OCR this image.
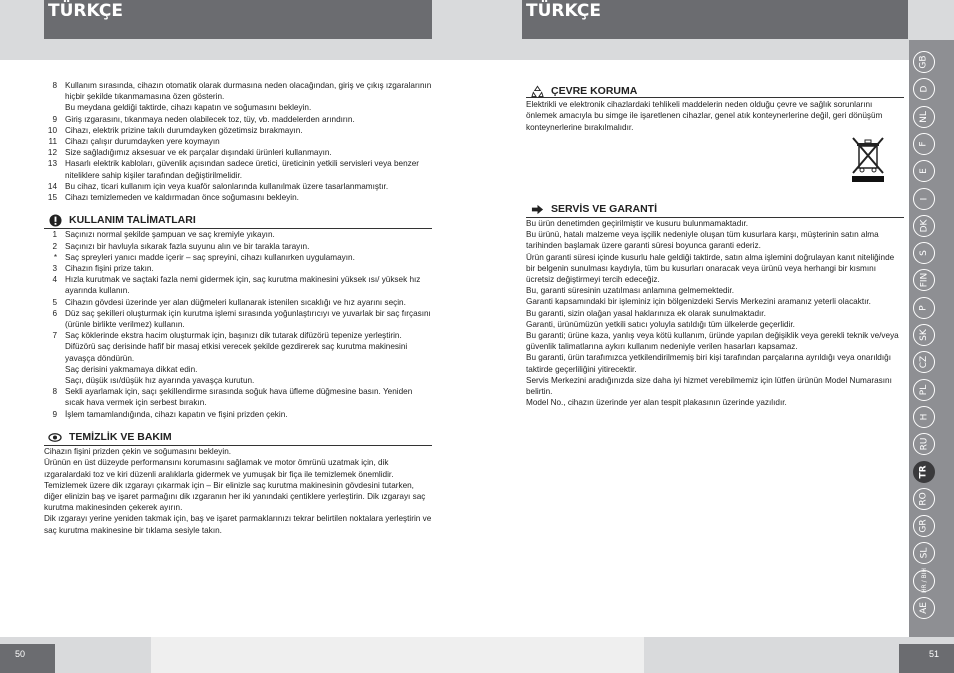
TÜRKÇE	TÜRKÇE
8 Kullanım sırasında, cihazın otomatik olarak durmasına neden olacağından, giriş ve çıkış ızgaralarının hiçbir şekilde tıkanmamasına özen gösterin.
Bu meydana geldiği taktirde, cihazı kapatın ve soğumasını bekleyin.
9 Giriş ızgarasını, tıkanmaya neden olabilecek toz, tüy, vb. maddelerden arındırın.
10 Cihazı, elektrik prizine takılı durumdayken gözetimsiz bırakmayın.
11 Cihazı çalışır durumdayken yere koymayın
12 Size sağladığımız aksesuar ve ek parçalar dışındaki ürünleri kullanmayın.
13 Hasarlı elektrik kabloları, güvenlik açısından sadece üretici, üreticinin yetkili servisleri veya benzer niteliklere sahip kişiler tarafından değiştirilmelidir.
14 Bu cihaz, ticari kullanım için veya kuaför salonlarında kullanılmak üzere tasarlanmamıştır.
15 Cihazı temizlemeden ve kaldırmadan önce soğumasını bekleyin.
KULLANIM TALİMATLARI
1 Saçınızı normal şekilde şampuan ve saç kremiyle yıkayın.
2 Saçınızı bir havluyla sıkarak fazla suyunu alın ve bir tarakla tarayın.
* Saç spreyleri yanıcı madde içerir – saç spreyini, cihazı kullanırken uygulamayın.
3 Cihazın fişini prize takın.
4 Hızla kurutmak ve saçtaki fazla nemi gidermek için, saç kurutma makinesini yüksek ısı/ yüksek hız ayarında kullanın.
5 Cihazın gövdesi üzerinde yer alan düğmeleri kullanarak istenilen sıcaklığı ve hız ayarını seçin.
6 Düz saç şekilleri oluşturmak için kurutma işlemi sırasında yoğunlaştırıcıyı ve yuvarlak bir saç fırçasını (ürünle birlikte verilmez) kullanın.
7 Saç köklerinde ekstra hacim oluşturmak için, başınızı dik tutarak difüzörü tepenize yerleştirin.
Difüzörü saç derisinde hafif bir masaj etkisi verecek şekilde gezdirerek saç kurutma makinesini yavaşça döndürün.
Saç derisini yakmamaya dikkat edin.
Saçı, düşük ısı/düşük hız ayarında yavaşça kurutun.
8 Sekli ayarlamak için, saçı şekillendirme sırasında soğuk hava üfleme düğmesine basın. Yeniden sıcak hava vermek için serbest bırakın.
9 İşlem tamamlandığında, cihazı kapatın ve fişini prizden çekin.
TEMİZLİK VE BAKIM

Cihazın fişini prizden çekin ve soğumasını bekleyin.

Ürünün en üst düzeyde performansını korumasını sağlamak ve motor ömrünü uzatmak için, dik ızgaralardaki toz ve kiri düzenli aralıklarla gidermek ve yumuşak bir fiça ile temizlemek önemlidir.

Temizlemek üzere dik ızgarayı çıkarmak için – Bir elinizle saç kurutma makinesinin gövdesini tutarken, diğer elinizin baş ve işaret parmağını dik ızgaranın her iki yanındaki çentiklere yerleştirin. Dik ızgarayı saç kurutma makinesinden çekerek ayırın.

Dik ızgarayı yerine yeniden takmak için, baş ve işaret parmaklarınızı tekrar belirtilen noktalara yerleştirin ve saç kurutma makinesine bir tıklama sesiyle takın.

ÇEVRE KORUMA

Elektrikli ve elektronik cihazlardaki tehlikeli maddelerin neden olduğu çevre ve sağlık sorunlarını önlemek amacıyla bu simge ile işaretlenen cihazlar, genel atık konteynerlerine değil, geri dönüşüm konteynerlerine bırakılmalıdır.

SERVİS VE GARANTİ

Bu ürün denetimden geçirilmiştir ve kusuru bulunmamaktadır.

Bu ürünü, hatalı malzeme veya işçilik nedeniyle oluşan tüm kusurlara karşı, müşterinin satın alma tarihinden başlamak üzere garanti süresi boyunca garanti ederiz.

Ürün garanti süresi içinde kusurlu hale geldiği taktirde, satın alma işlemini doğrulayan kanıt niteliğinde bir belgenin sunulması kaydıyla, tüm bu kusurları onaracak veya ürünü veya herhangi bir kısmını ücretsiz değiştirmeyi tercih edeceğiz.

Bu, garanti süresinin uzatılması anlamına gelmemektedir.

Garanti kapsamındaki bir işleminiz için bölgenizdeki Servis Merkezini aramanız yeterli olacaktır.

Bu garanti, sizin olağan yasal haklarınıza ek olarak sunulmaktadır.

Garanti, ürünümüzün yetkili satıcı yoluyla satıldığı tüm ülkelerde geçerlidir.

Bu garanti; ürüne kaza, yanlış veya kötü kullanım, üründe yapılan değişiklik veya gerekli teknik ve/veya güvenlik talimatlarına aykırı kullanım nedeniyle verilen hasarları kapsamaz.

Bu garanti, ürün tarafımızca yetkilendirilmemiş biri kişi tarafından parçalarına ayrıldığı veya onarıldığı taktirde geçerliliğini yitirecektir.

Servis Merkezini aradığınızda size daha iyi hizmet verebilmemiz için lütfen ürünün Model Numarasını belirtin.

Model No., cihazın üzerinde yer alan tespit plakasının üzerinde yazılıdır.

GB
D
NL
F
E
I
DK
S
FIN
P
SK
CZ
PL
H
RU
TR
RO
GR
SL
HR / BIH
AE
50	51
